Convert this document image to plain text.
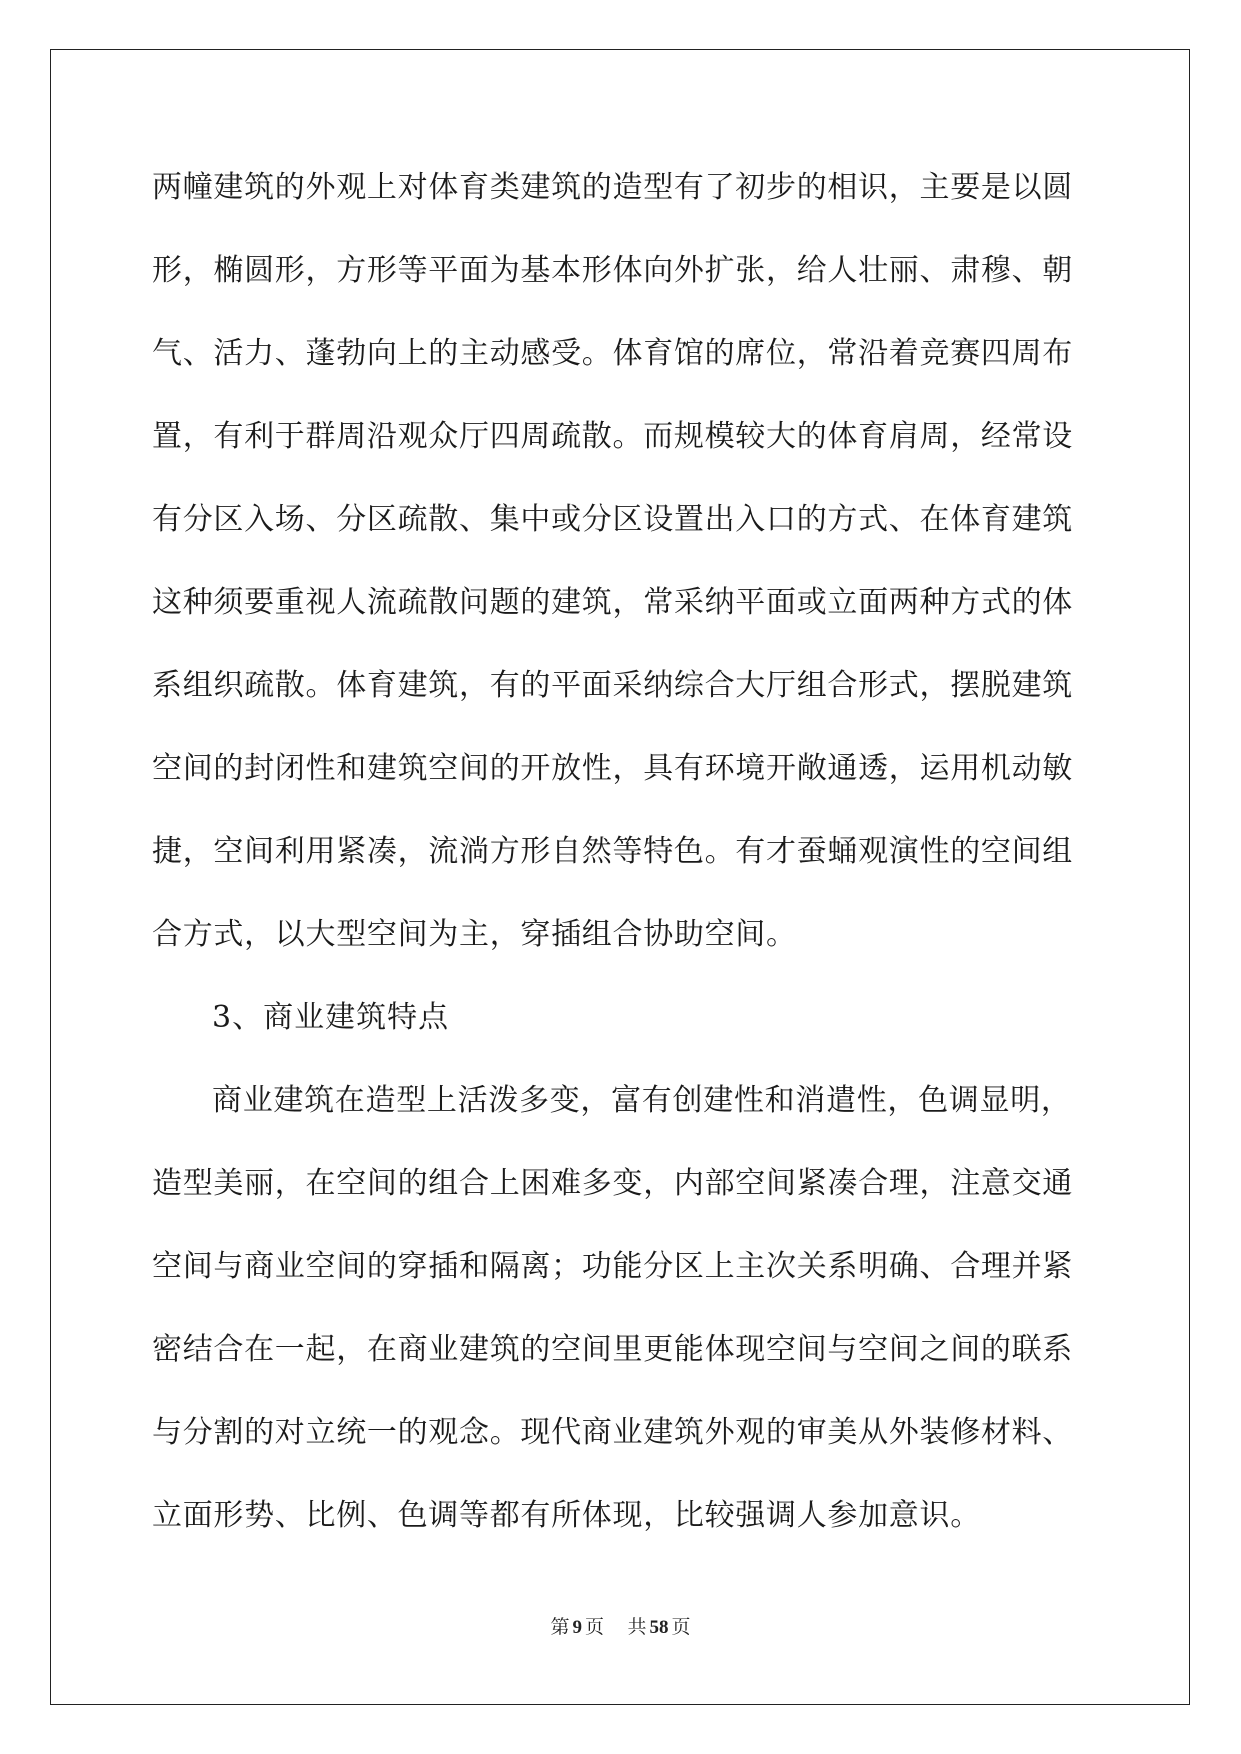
两幢建筑的外观上对体育类建筑的造型有了初步的相识，主要是以圆
形，椭圆形，方形等平面为基本形体向外扩张，给人壮丽、肃穆、朝
气、活力、蓬勃向上的主动感受。体育馆的席位，常沿着竞赛四周布
置，有利于群周沿观众厅四周疏散。而规模较大的体育肩周，经常设
有分区入场、分区疏散、集中或分区设置出入口的方式、在体育建筑
这种须要重视人流疏散问题的建筑，常采纳平面或立面两种方式的体
系组织疏散。体育建筑，有的平面采纳综合大厅组合形式，摆脱建筑
空间的封闭性和建筑空间的开放性，具有环境开敞通透，运用机动敏
捷，空间利用紧凑，流淌方形自然等特色。有才蚕蛹观演性的空间组
合方式，以大型空间为主，穿插组合协助空间。
3、商业建筑特点
商业建筑在造型上活泼多变，富有创建性和消遣性，色调显明，
造型美丽，在空间的组合上困难多变，内部空间紧凑合理，注意交通
空间与商业空间的穿插和隔离；功能分区上主次关系明确、合理并紧
密结合在一起，在商业建筑的空间里更能体现空间与空间之间的联系
与分割的对立统一的观念。现代商业建筑外观的审美从外装修材料、
立面形势、比例、色调等都有所体现，比较强调人参加意识。
第 9 页 共 58 页
